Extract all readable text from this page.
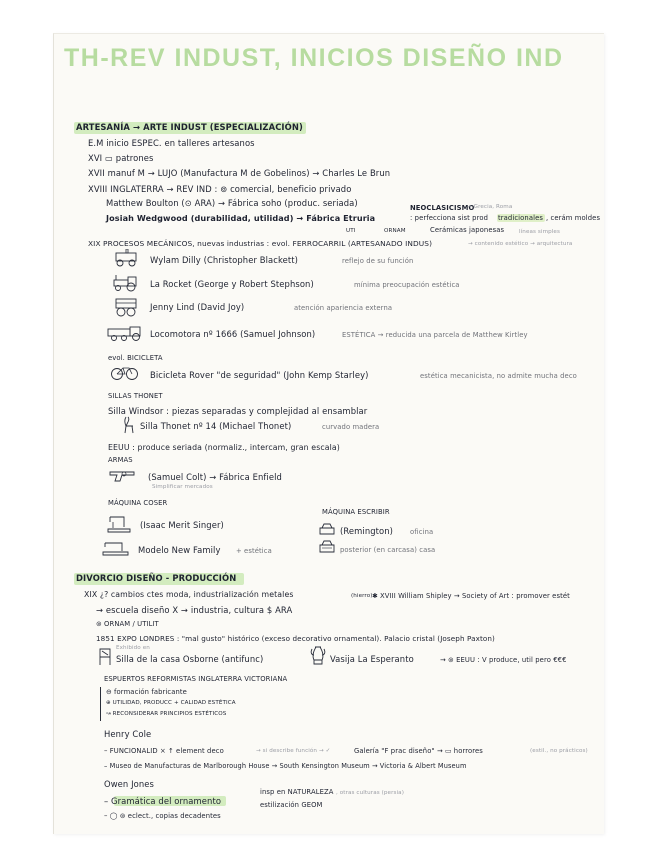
TH-REV INDUST, INICIOS DISEÑO IND
ARTESANÍA → ARTE INDUST (ESPECIALIZACIÓN)
E.M inicio ESPEC. en talleres artesanos
XVI ▭ patrones
XVII manuf M → LUJO (Manufactura M de Gobelinos) → Charles Le Brun
XVIII INGLATERRA → REV IND : ⊚ comercial, beneficio privado
Matthew Boulton (⊙ ARA) → Fábrica soho (produc. seriada)
Josiah Wedgwood (durabilidad, utilidad) → Fábrica Etruria
NEOCLASICISMO
→ Grecia, Roma
: perfecciona sist prod tradicionales , cerám moldes
UTI	ORNAM	Cerámicas japonesas	líneas simples
XIX PROCESOS MECÁNICOS, nuevas industrias : evol. FERROCARRIL (ARTESANADO INDUS)	→ contenido estético → arquitectura
Wylam Dilly (Christopher Blackett)	reflejo de su función
La Rocket (George y Robert Stephson)	mínima preocupación estética
Jenny Lind (David Joy)	atención apariencia externa
Locomotora nº 1666 (Samuel Johnson)	ESTÉTICA → reducida una parcela de Matthew Kirtley
evol. BICICLETA
Bicicleta Rover "de seguridad" (John Kemp Starley)	estética mecanicista, no admite mucha deco
SILLAS THONET
Silla Windsor : piezas separadas y complejidad al ensamblar
Silla Thonet nº 14 (Michael Thonet)	curvado madera
EEUU : produce seriada (normaliz., intercam, gran escala)
ARMAS
(Samuel Colt) → Fábrica Enfield
Simplificar mercados
MÁQUINA COSER
(Isaac Merit Singer)
Modelo New Family + estética
MÁQUINA ESCRIBIR
(Remington) oficina
posterior (en carcasa) casa
DIVORCIO DISEÑO - PRODUCCIÓN
XIX ¿? cambios ctes moda, industrialización metales	(hierro) ✱ XVIII William Shipley → Society of Art : promover estét
→ escuela diseño X → industria, cultura $ ARA
⊚ ORNAM / UTILIT
1851 EXPO LONDRES : "mal gusto" histórico (exceso decorativo ornamental). Palacio cristal (Joseph Paxton)
Exhibido en
Silla de la casa Osborne (antifunc)	Vasija La Esperanto	→ ⊚ EEUU : V produce, util pero €€€
ESPUERTOS REFORMISTAS INGLATERRA VICTORIANA
⊖ formación fabricante
⊕ UTILIDAD, PRODUCC + CALIDAD ESTÉTICA
↝ RECONSIDERAR PRINCIPIOS ESTÉTICOS
Henry Cole
– FUNCIONALID × ↑ element deco	→ si describe función → ✓	Galería "F prac diseño" → ▭ horrores	(estil., no prácticos)
– Museo de Manufacturas de Marlborough House → South Kensington Museum → Victoria & Albert Museum
Owen Jones
– Gramática del ornamento
insp en NATURALEZA , otras culturas (persia)
estilización GEOM
– ◯ ⊚ eclect., copias decadentes
